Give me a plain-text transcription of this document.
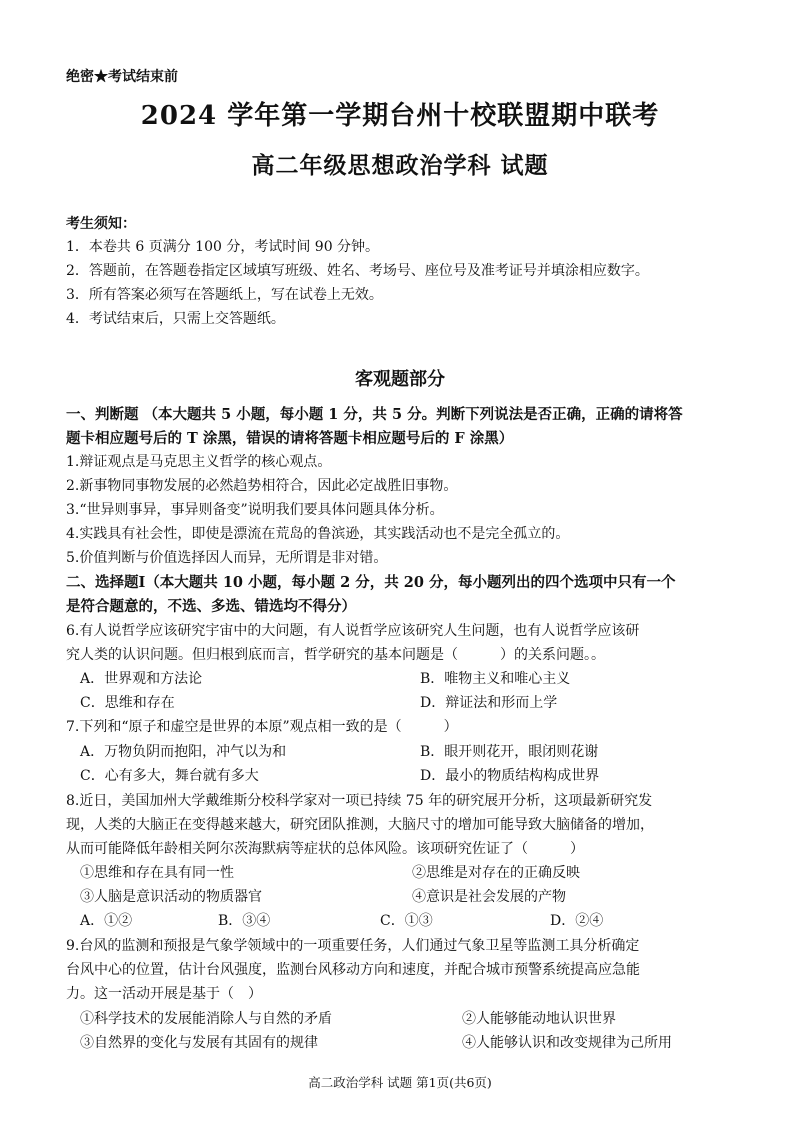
绝密★考试结束前
2024 学年第一学期台州十校联盟期中联考
高二年级思想政治学科 试题
考生须知：
1．本卷共 6 页满分 100 分，考试时间 90 分钟。
2．答题前，在答题卷指定区域填写班级、姓名、考场号、座位号及准考证号并填涂相应数字。
3．所有答案必须写在答题纸上，写在试卷上无效。
4．考试结束后，只需上交答题纸。
客观题部分
一、判断题 （本大题共 5 小题，每小题 1 分，共 5 分。判断下列说法是否正确，正确的请将答
题卡相应题号后的 T 涂黑，错误的请将答题卡相应题号后的 F 涂黑）
1.辩证观点是马克思主义哲学的核心观点。
2.新事物同事物发展的必然趋势相符合，因此必定战胜旧事物。
3.“世异则事异，事异则备变”说明我们要具体问题具体分析。
4.实践具有社会性，即使是漂流在荒岛的鲁滨逊，其实践活动也不是完全孤立的。
5.价值判断与价值选择因人而异，无所谓是非对错。
二、选择题Ⅰ（本大题共 10 小题，每小题 2 分，共 20 分，每小题列出的四个选项中只有一个
是符合题意的，不选、多选、错选均不得分）
6.有人说哲学应该研究宇宙中的大问题，有人说哲学应该研究人生问题，也有人说哲学应该研
究人类的认识问题。但归根到底而言，哲学研究的基本问题是（　　　）的关系问题。。
A．世界观和方法论	B．唯物主义和唯心主义
C．思维和存在	D．辩证法和形而上学
7.下列和“原子和虚空是世界的本原”观点相一致的是（　　　）
A．万物负阴而抱阳，冲气以为和	B．眼开则花开，眼闭则花谢
C．心有多大，舞台就有多大	D．最小的物质结构构成世界
8.近日，美国加州大学戴维斯分校科学家对一项已持续 75 年的研究展开分析，这项最新研究发
现，人类的大脑正在变得越来越大，研究团队推测，大脑尺寸的增加可能导致大脑储备的增加，
从而可能降低年龄相关阿尔茨海默病等症状的总体风险。该项研究佐证了（　　　）
①思维和存在具有同一性	②思维是对存在的正确反映
③人脑是意识活动的物质器官	④意识是社会发展的产物
A．①②	B．③④	C．①③	D．②④
9.台风的监测和预报是气象学领域中的一项重要任务，人们通过气象卫星等监测工具分析确定
台风中心的位置，估计台风强度，监测台风移动方向和速度，并配合城市预警系统提高应急能
力。这一活动开展是基于（　）
①科学技术的发展能消除人与自然的矛盾	②人能够能动地认识世界
③自然界的变化与发展有其固有的规律	④人能够认识和改变规律为己所用
高二政治学科 试题 第1页(共6页)
